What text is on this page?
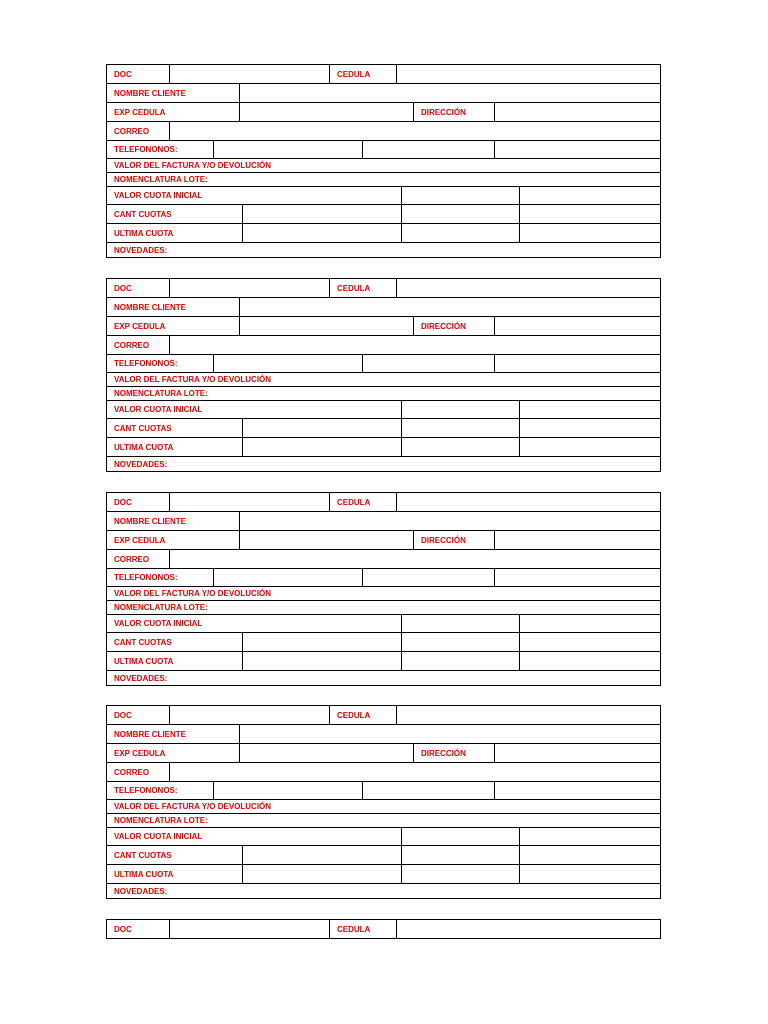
DOC	CEDULA
NOMBRE CLIENTE
EXP CEDULA	DIRECCIÓN
CORREO
TELEFONONOS:
VALOR DEL FACTURA Y/O DEVOLUCIÓN
NOMENCLATURA LOTE:
VALOR CUOTA INICIAL
CANT CUOTAS
ULTIMA CUOTA
NOVEDADES:
DOC	CEDULA
NOMBRE CLIENTE
EXP CEDULA	DIRECCIÓN
CORREO
TELEFONONOS:
VALOR DEL FACTURA Y/O DEVOLUCIÓN
NOMENCLATURA LOTE:
VALOR CUOTA INICIAL
CANT CUOTAS
ULTIMA CUOTA
NOVEDADES:
DOC	CEDULA
NOMBRE CLIENTE
EXP CEDULA	DIRECCIÓN
CORREO
TELEFONONOS:
VALOR DEL FACTURA Y/O DEVOLUCIÓN
NOMENCLATURA LOTE:
VALOR CUOTA INICIAL
CANT CUOTAS
ULTIMA CUOTA
NOVEDADES:
DOC	CEDULA
NOMBRE CLIENTE
EXP CEDULA	DIRECCIÓN
CORREO
TELEFONONOS:
VALOR DEL FACTURA Y/O DEVOLUCIÓN
NOMENCLATURA LOTE:
VALOR CUOTA INICIAL
CANT CUOTAS
ULTIMA CUOTA
NOVEDADES:
DOC	CEDULA
